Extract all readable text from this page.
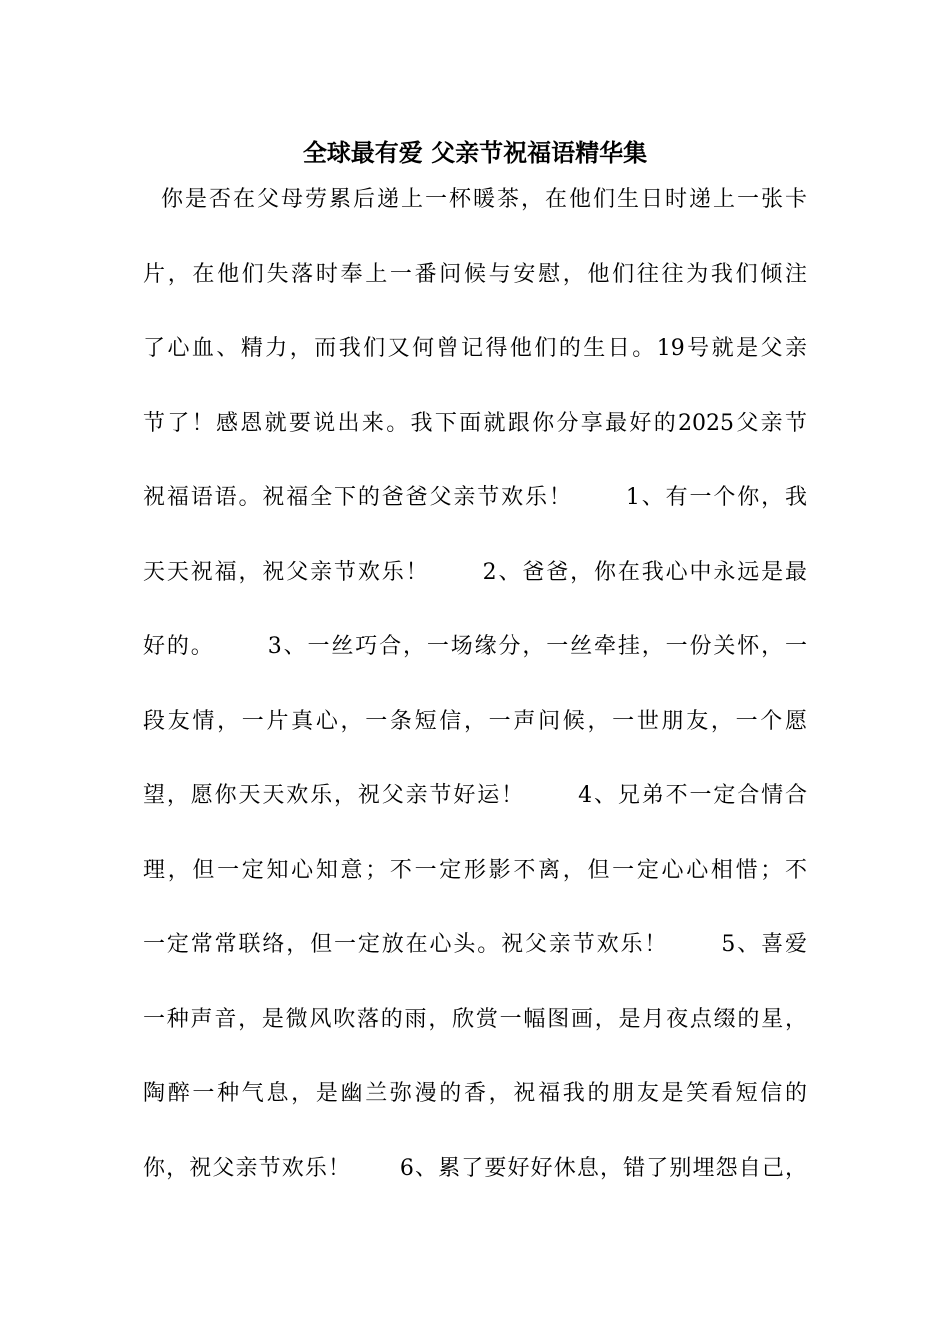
全球最有爱 父亲节祝福语精华集
你是否在父母劳累后递上一杯暖茶，在他们生日时递上一张卡
片，在他们失落时奉上一番问候与安慰，他们往往为我们倾注
了心血、精力，而我们又何曾记得他们的生日。19号就是父亲
节了！感恩就要说出来。我下面就跟你分享最好的2025父亲节
祝福语语。祝福全下的爸爸父亲节欢乐！      1、有一个你，我
天天祝福，祝父亲节欢乐！      2、爸爸，你在我心中永远是最
好的。      3、一丝巧合，一场缘分，一丝牵挂，一份关怀，一
段友情，一片真心，一条短信，一声问候，一世朋友，一个愿
望，愿你天天欢乐，祝父亲节好运！      4、兄弟不一定合情合
理，但一定知心知意；不一定形影不离，但一定心心相惜；不
一定常常联络，但一定放在心头。祝父亲节欢乐！      5、喜爱
一种声音，是微风吹落的雨，欣赏一幅图画，是月夜点缀的星，
陶醉一种气息，是幽兰弥漫的香，祝福我的朋友是笑看短信的
你，祝父亲节欢乐！      6、累了要好好休息，错了别埋怨自己，
